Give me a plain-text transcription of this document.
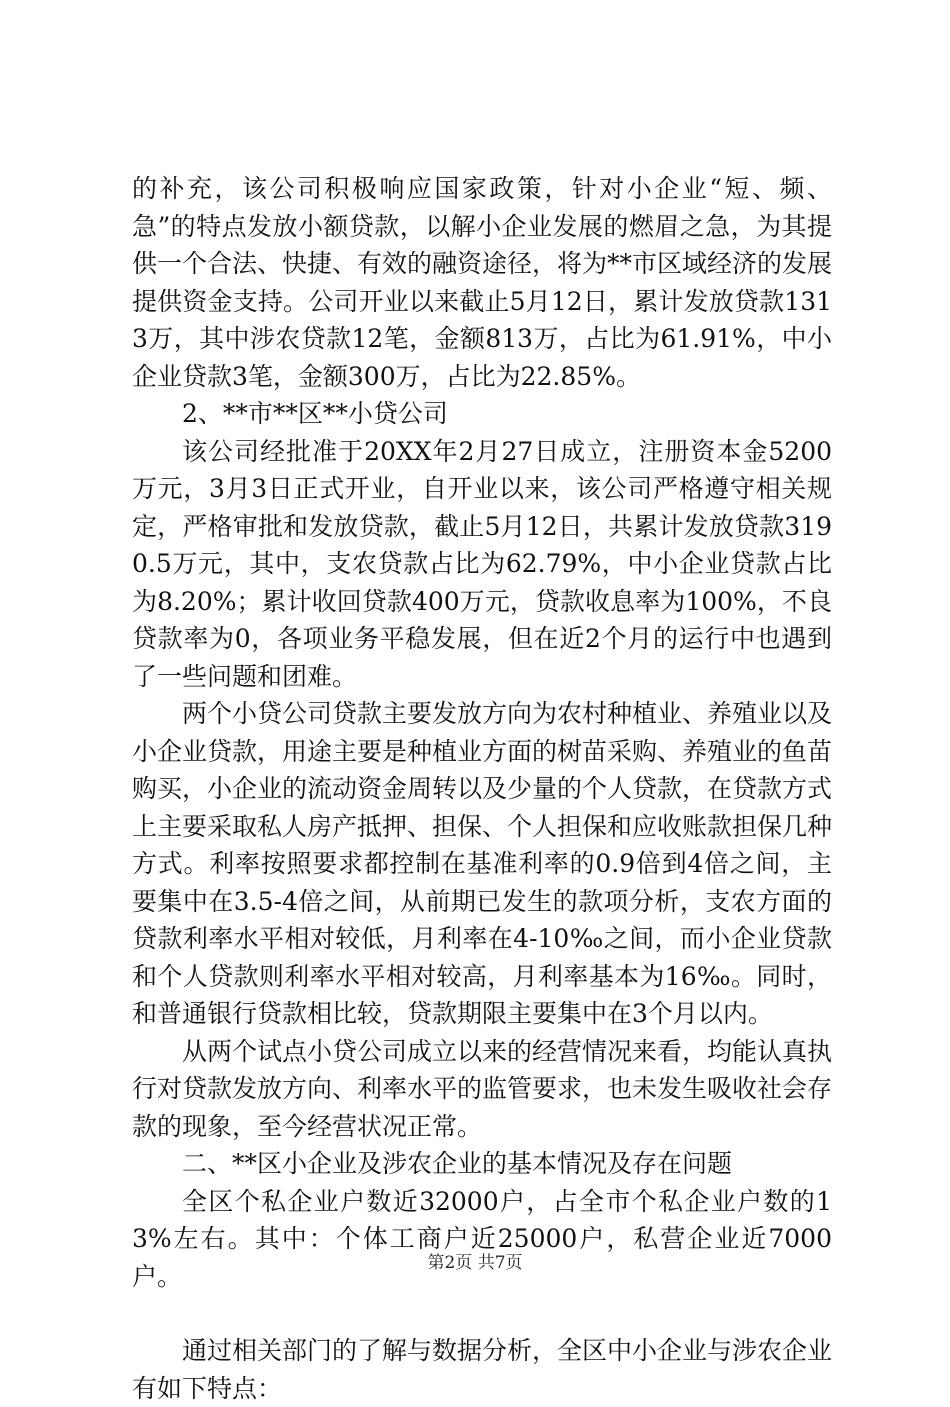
的补充，该公司积极响应国家政策，针对小企业“短、频、急”的特点发放小额贷款，以解小企业发展的燃眉之急，为其提供一个合法、快捷、有效的融资途径，将为**市区域经济的发展提供资金支持。公司开业以来截止5月12日，累计发放贷款1313万，其中涉农贷款12笔，金额813万，占比为61.91%，中小企业贷款3笔，金额300万，占比为22.85%。

2、**市**区**小贷公司

该公司经批准于20XX年2月27日成立，注册资本金5200万元，3月3日正式开业，自开业以来，该公司严格遵守相关规定，严格审批和发放贷款，截止5月12日，共累计发放贷款3190.5万元，其中，支农贷款占比为62.79%，中小企业贷款占比为8.20%；累计收回贷款400万元，贷款收息率为100%，不良贷款率为0，各项业务平稳发展，但在近2个月的运行中也遇到了一些问题和团难。

两个小贷公司贷款主要发放方向为农村种植业、养殖业以及小企业贷款，用途主要是种植业方面的树苗采购、养殖业的鱼苗购买，小企业的流动资金周转以及少量的个人贷款，在贷款方式上主要采取私人房产抵押、担保、个人担保和应收账款担保几种方式。利率按照要求都控制在基准利率的0.9倍到4倍之间，主要集中在3.5-4倍之间，从前期已发生的款项分析，支农方面的贷款利率水平相对较低，月利率在4-10‰之间，而小企业贷款和个人贷款则利率水平相对较高，月利率基本为16‰。同时，和普通银行贷款相比较，贷款期限主要集中在3个月以内。

从两个试点小贷公司成立以来的经营情况来看，均能认真执行对贷款发放方向、利率水平的监管要求，也未发生吸收社会存款的现象，至今经营状况正常。

二、**区小企业及涉农企业的基本情况及存在问题

全区个私企业户数近32000户，占全市个私企业户数的13%左右。其中：个体工商户近25000户，私营企业近7000户。

通过相关部门的了解与数据分析，全区中小企业与涉农企业有如下特点：

第2页 共7页
